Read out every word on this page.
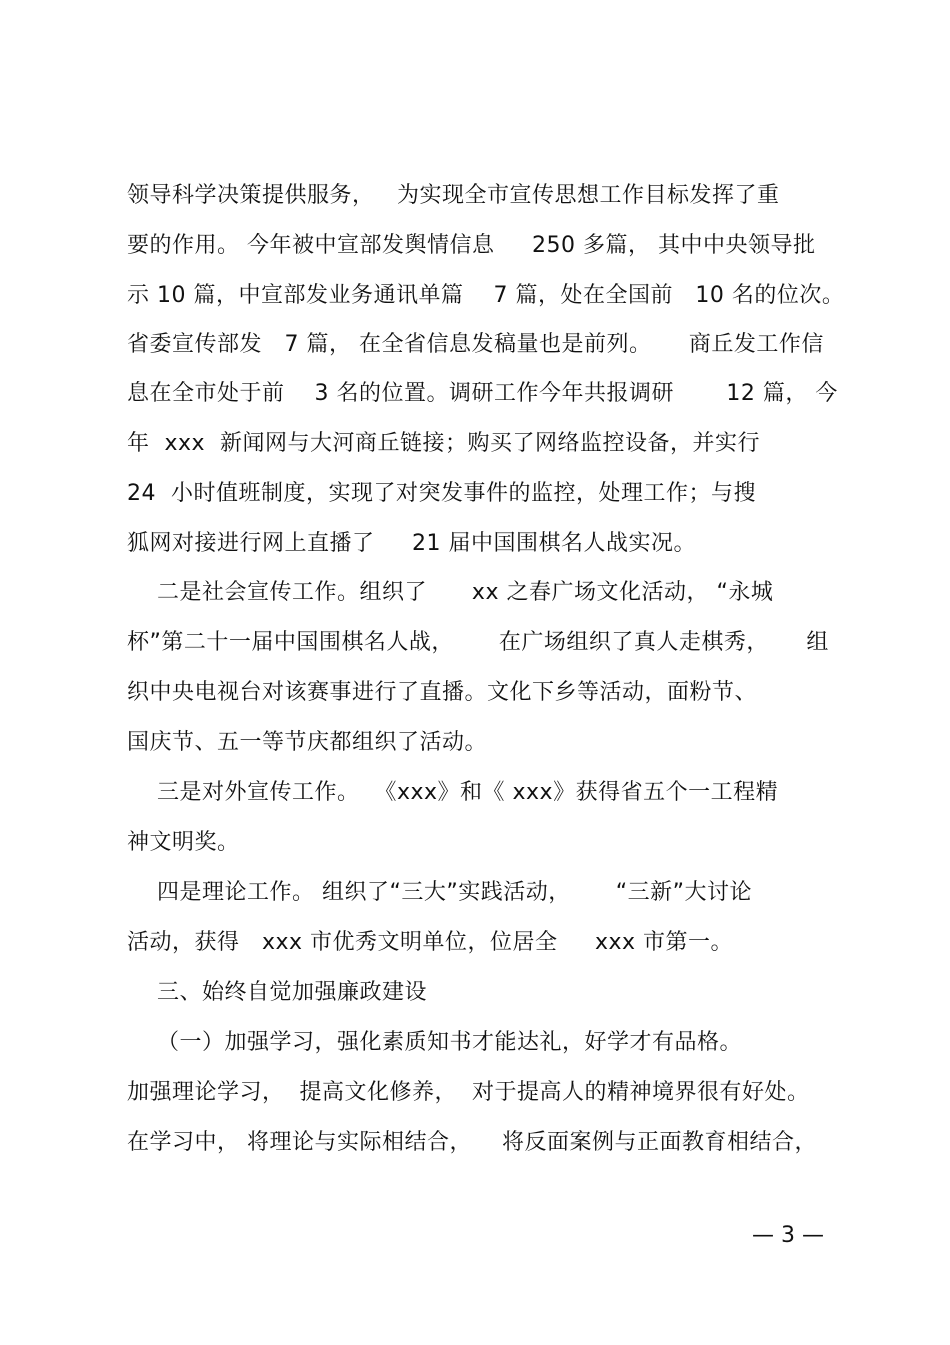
领导科学决策提供服务，   为实现全市宣传思想工作目标发挥了重
要的作用。 今年被中宣部发舆情信息     250 多篇， 其中中央领导批
示 10 篇，中宣部发业务通讯单篇    7 篇，处在全国前   10 名的位次。
省委宣传部发   7 篇， 在全省信息发稿量也是前列。     商丘发工作信
息在全市处于前    3 名的位置。调研工作今年共报调研       12 篇， 今
年  xxx  新闻网与大河商丘链接；购买了网络监控设备，并实行
24  小时值班制度，实现了对突发事件的监控，处理工作；与搜
狐网对接进行网上直播了     21 届中国围棋名人战实况。
二是社会宣传工作。组织了      xx 之春广场文化活动， “永城
杯”第二十一届中国围棋名人战，      在广场组织了真人走棋秀，     组
织中央电视台对该赛事进行了直播。文化下乡等活动，面粉节、
国庆节、五一等节庆都组织了活动。
三是对外宣传工作。  《xxx》和《 xxx》获得省五个一工程精
神文明奖。
四是理论工作。 组织了“三大”实践活动，      “三新”大讨论
活动，获得   xxx 市优秀文明单位，位居全     xxx 市第一。
三、始终自觉加强廉政建设
（一）加强学习，强化素质知书才能达礼，好学才有品格。
加强理论学习，  提高文化修养，  对于提高人的精神境界很有好处。
在学习中， 将理论与实际相结合，    将反面案例与正面教育相结合，
— 3 —
